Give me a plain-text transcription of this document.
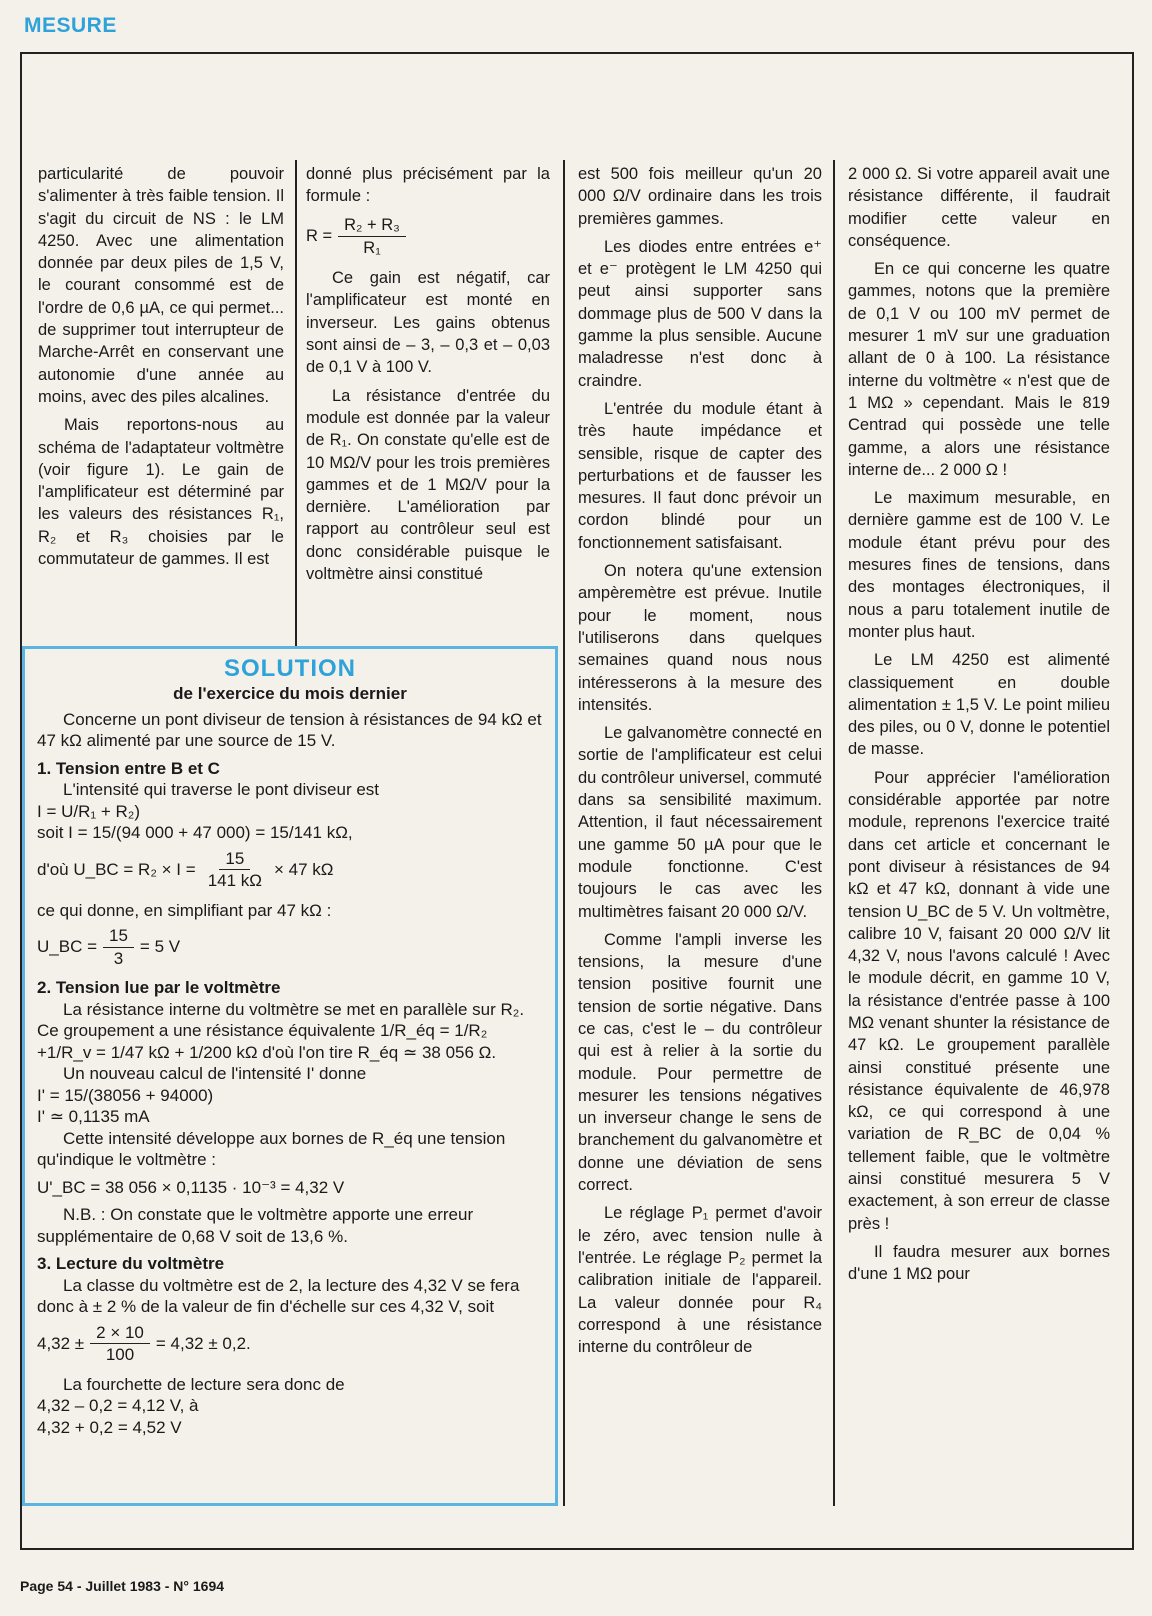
MESURE

particularité de pouvoir s'alimenter à très faible tension. Il s'agit du circuit de NS : le LM 4250. Avec une alimentation donnée par deux piles de 1,5 V, le courant consommé est de l'ordre de 0,6 µA, ce qui permet... de supprimer tout interrupteur de Marche-Arrêt en conservant une autonomie d'une année au moins, avec des piles alcalines.

Mais reportons-nous au schéma de l'adaptateur voltmètre (voir figure 1). Le gain de l'amplificateur est déterminé par les valeurs des résistances R₁, R₂ et R₃ choisies par le commutateur de gammes. Il est

donné plus précisément par la formule :

$R = \frac{\text{R₂ + R₃}}{\text{R₁}}$

Ce gain est négatif, car l'amplificateur est monté en inverseur. Les gains obtenus sont ainsi de – 3, – 0,3 et – 0,03 de 0,1 V à 100 V.

La résistance d'entrée du module est donnée par la valeur de R₁. On constate qu'elle est de 10 MΩ/V pour les trois premières gammes et de 1 MΩ/V pour la dernière. L'amélioration par rapport au contrôleur seul est donc considérable puisque le voltmètre ainsi constitué

est 500 fois meilleur qu'un 20 000 Ω/V ordinaire dans les trois premières gammes.

Les diodes entre entrées e⁺ et e⁻ protègent le LM 4250 qui peut ainsi supporter sans dommage plus de 500 V dans la gamme la plus sensible. Aucune maladresse n'est donc à craindre.

L'entrée du module étant à très haute impédance et sensible, risque de capter des perturbations et de fausser les mesures. Il faut donc prévoir un cordon blindé pour un fonctionnement satisfaisant.

On notera qu'une extension ampèremètre est prévue. Inutile pour le moment, nous l'utiliserons dans quelques semaines quand nous nous intéresserons à la mesure des intensités.

Le galvanomètre connecté en sortie de l'amplificateur est celui du contrôleur universel, commuté dans sa sensibilité maximum. Attention, il faut nécessairement une gamme 50 µA pour que le module fonctionne. C'est toujours le cas avec les multimètres faisant 20 000 Ω/V.

Comme l'ampli inverse les tensions, la mesure d'une tension positive fournit une tension de sortie négative. Dans ce cas, c'est le – du contrôleur qui est à relier à la sortie du module. Pour permettre de mesurer les tensions négatives un inverseur change le sens de branchement du galvanomètre et donne une déviation de sens correct.

Le réglage P₁ permet d'avoir le zéro, avec tension nulle à l'entrée. Le réglage P₂ permet la calibration initiale de l'appareil. La valeur donnée pour R₄ correspond à une résistance interne du contrôleur de

2 000 Ω. Si votre appareil avait une résistance différente, il faudrait modifier cette valeur en conséquence.

En ce qui concerne les quatre gammes, notons que la première de 0,1 V ou 100 mV permet de mesurer 1 mV sur une graduation allant de 0 à 100. La résistance interne du voltmètre « n'est que de 1 MΩ » cependant. Mais le 819 Centrad qui possède une telle gamme, a alors une résistance interne de... 2 000 Ω !

Le maximum mesurable, en dernière gamme est de 100 V. Le module étant prévu pour des mesures fines de tensions, dans des montages électroniques, il nous a paru totalement inutile de monter plus haut.

Le LM 4250 est alimenté classiquement en double alimentation ± 1,5 V. Le point milieu des piles, ou 0 V, donne le potentiel de masse.

Pour apprécier l'amélioration considérable apportée par notre module, reprenons l'exercice traité dans cet article et concernant le pont diviseur à résistances de 94 kΩ et 47 kΩ, donnant à vide une tension U_BC de 5 V. Un voltmètre, calibre 10 V, faisant 20 000 Ω/V lit 4,32 V, nous l'avons calculé ! Avec le module décrit, en gamme 10 V, la résistance d'entrée passe à 100 MΩ venant shunter la résistance de 47 kΩ. Le groupement parallèle ainsi constitué présente une résistance équivalente de 46,978 kΩ, ce qui correspond à une variation de R_BC de 0,04 % tellement faible, que le voltmètre ainsi constitué mesurera 5 V exactement, à son erreur de classe près !

Il faudra mesurer aux bornes d'une 1 MΩ pour

SOLUTION
de l'exercice du mois dernier

Concerne un pont diviseur de tension à résistances de 94 kΩ et 47 kΩ alimenté par une source de 15 V.

1. Tension entre B et C

L'intensité qui traverse le pont diviseur est

I = U/R₁ + R₂)

soit I = 15/(94 000 + 47 000) = 15/141 kΩ,

d'où U_BC = $R_2 \times I = \frac{15}{141 k\Omega} \times 47$ kΩ

ce qui donne, en simplifiant par 47 kΩ :

U_BC = $\frac{15}{3} = 5$ V

2. Tension lue par le voltmètre

La résistance interne du voltmètre se met en parallèle sur R₂. Ce groupement a une résistance équivalente 1/R_éq = 1/R₂ +1/R_v = 1/47 kΩ + 1/200 kΩ d'où l'on tire R_éq ≃ 38 056 Ω.

Un nouveau calcul de l'intensité I' donne

I' = 15/(38056 + 94000)

I' ≃ 0,1135 mA

Cette intensité développe aux bornes de R_éq une tension qu'indique le voltmètre :

U'_BC = 38 056 × 0,1135 · 10⁻³ = 4,32 V

N.B. : On constate que le voltmètre apporte une erreur supplémentaire de 0,68 V soit de 13,6 %.

3. Lecture du voltmètre

La classe du voltmètre est de 2, la lecture des 4,32 V se fera donc à ± 2 % de la valeur de fin d'échelle sur ces 4,32 V, soit

$4,32 \pm \frac{2 \times 10}{100} = 4,32 \pm 0,2$.

La fourchette de lecture sera donc de

4,32 – 0,2 = 4,12 V, à

4,32 + 0,2 = 4,52 V

Page 54 - Juillet 1983 - N° 1694
